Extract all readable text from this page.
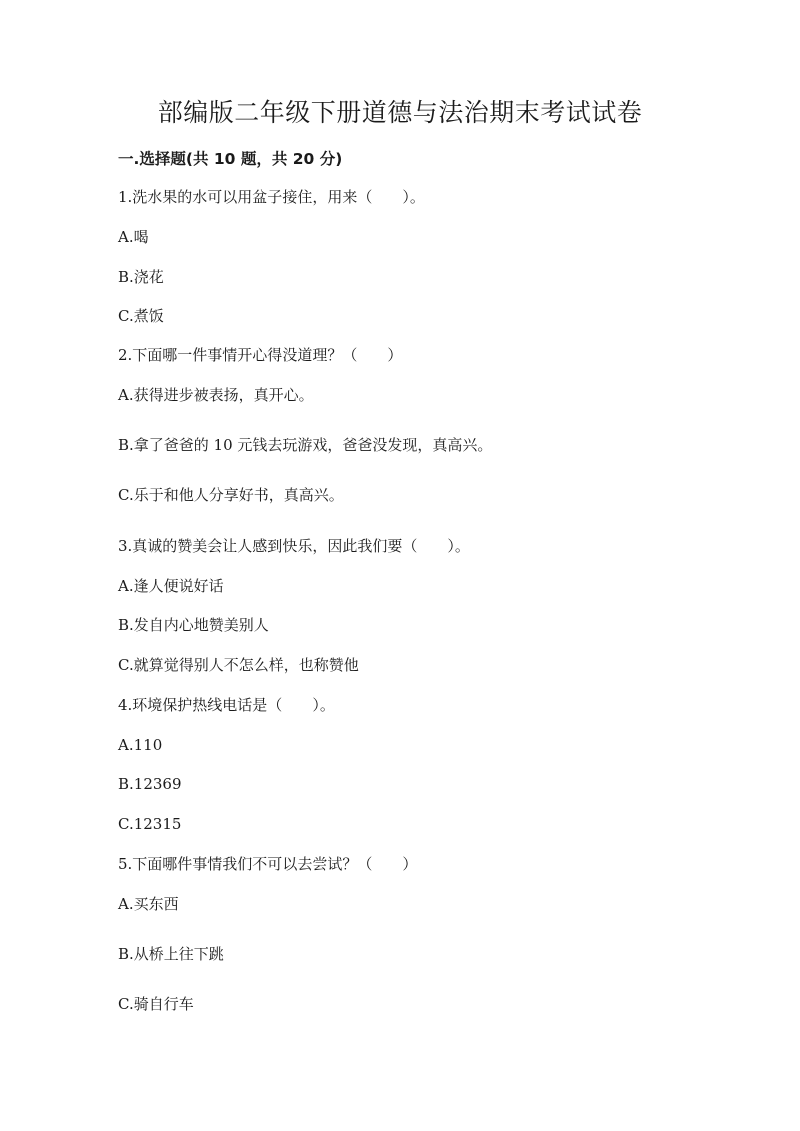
部编版二年级下册道德与法治期末考试试卷
一.选择题(共 10 题，共 20 分)
1.洗水果的水可以用盆子接住，用来（　　）。
A.喝
B.浇花
C.煮饭
2.下面哪一件事情开心得没道理？（　　）
A.获得进步被表扬，真开心。
B.拿了爸爸的 10 元钱去玩游戏，爸爸没发现，真高兴。
C.乐于和他人分享好书，真高兴。
3.真诚的赞美会让人感到快乐，因此我们要（　　）。
A.逢人便说好话
B.发自内心地赞美别人
C.就算觉得别人不怎么样，也称赞他
4.环境保护热线电话是（　　）。
A.110
B.12369
C.12315
5.下面哪件事情我们不可以去尝试？（　　）
A.买东西
B.从桥上往下跳
C.骑自行车
